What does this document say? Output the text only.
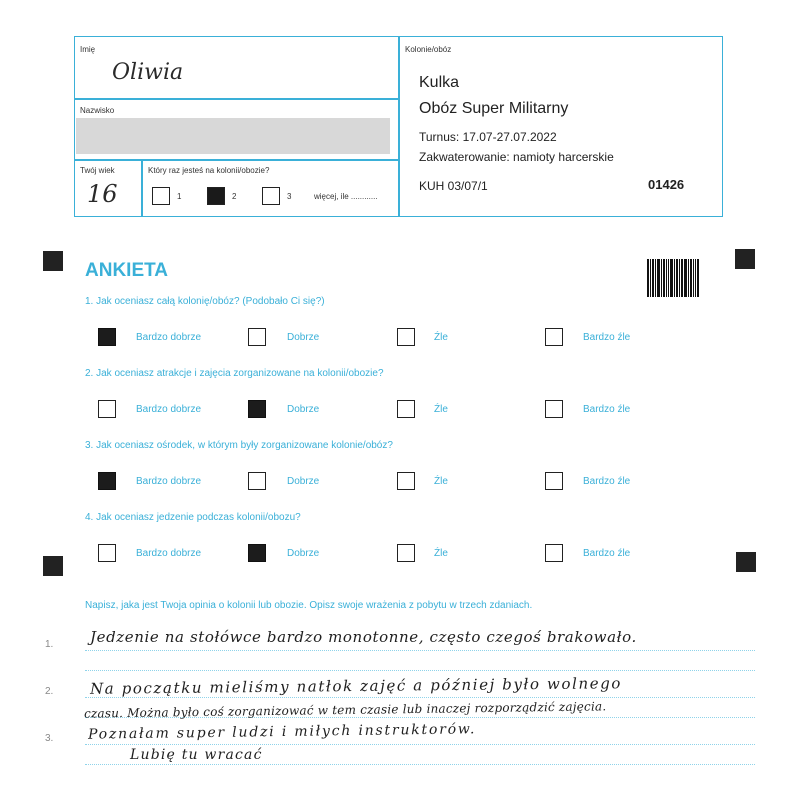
Imię
Oliwia
Nazwisko
Twój wiek
16
Który raz jesteś na kolonii/obozie?
1	2	3	więcej, ile ............
Kolonie/obóz
Kulka
Obóz Super Militarny
Turnus: 17.07-27.07.2022
Zakwaterowanie: namioty harcerskie
KUH 03/07/1	01426
ANKIETA
1. Jak oceniasz całą kolonię/obóz? (Podobało Ci się?)
Bardzo dobrze	Dobrze	Źle	Bardzo źle
2. Jak oceniasz atrakcje i zajęcia zorganizowane na kolonii/obozie?
Bardzo dobrze	Dobrze	Źle	Bardzo źle
3. Jak oceniasz ośrodek, w którym były zorganizowane kolonie/obóz?
Bardzo dobrze	Dobrze	Źle	Bardzo źle
4. Jak oceniasz jedzenie podczas kolonii/obozu?
Bardzo dobrze	Dobrze	Źle	Bardzo źle
Napisz, jaka jest Twoja opinia o kolonii lub obozie. Opisz swoje wrażenia z pobytu w trzech zdaniach.
1.
2.
3.
Jedzenie na stołówce bardzo monotonne, często czegoś brakowało.
Na początku mieliśmy natłok zajęć a później było wolnego
czasu. Można było coś zorganizować w tem czasie lub inaczej rozporządzić zajęcia.
Poznałam super ludzi i miłych instruktorów.
Lubię tu wracać
